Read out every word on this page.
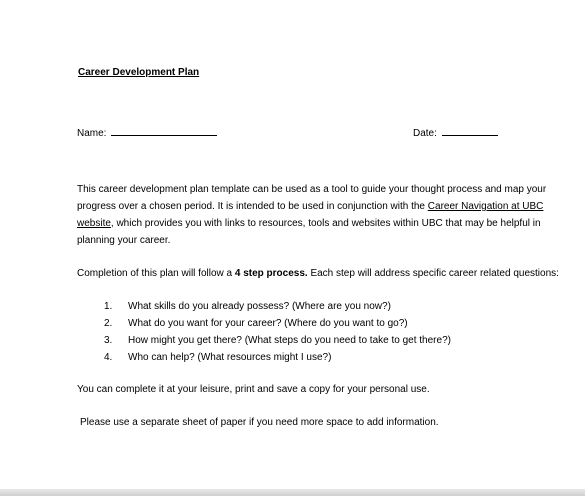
Career Development Plan
Name:	Date:
This career development plan template can be used as a tool to guide your thought process and map your
progress over a chosen period. It is intended to be used in conjunction with the Career Navigation at UBC
website, which provides you with links to resources, tools and websites within UBC that may be helpful in
planning your career.
Completion of this plan will follow a 4 step process. Each step will address specific career related questions:
1. What skills do you already possess? (Where are you now?)
2. What do you want for your career? (Where do you want to go?)
3. How might you get there? (What steps do you need to take to get there?)
4. Who can help? (What resources might I use?)
You can complete it at your leisure, print and save a copy for your personal use.
Please use a separate sheet of paper if you need more space to add information.
